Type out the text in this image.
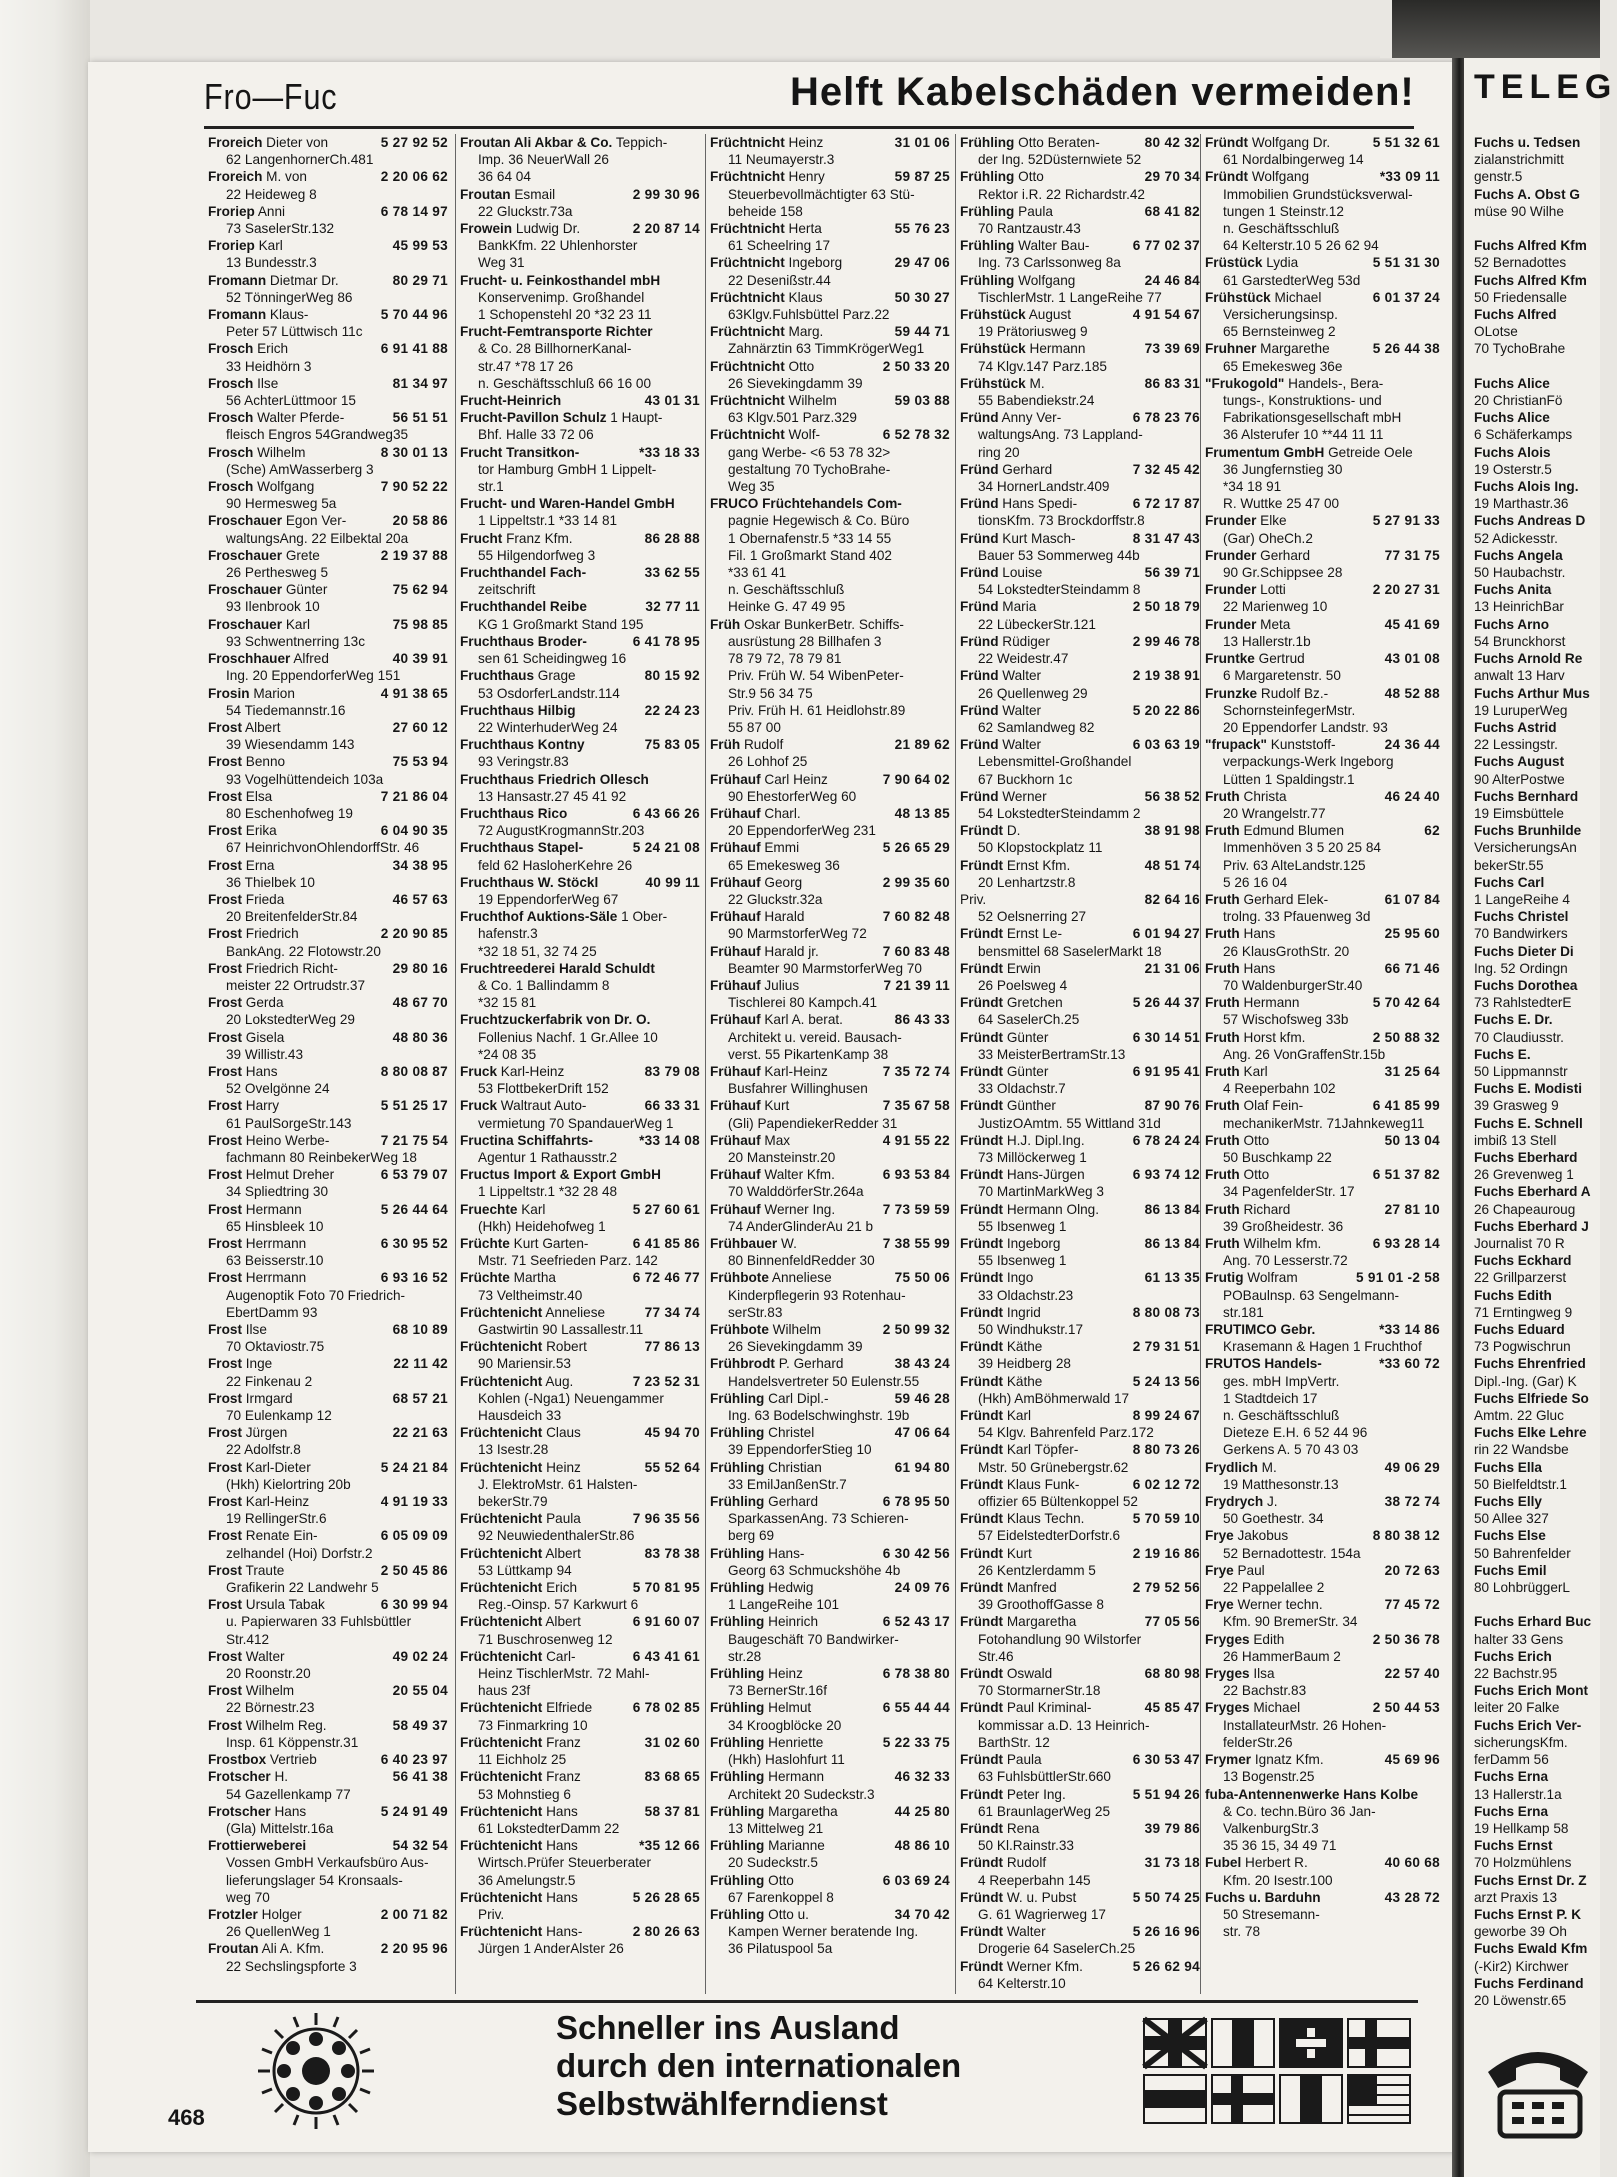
TELEG
Fuchs u. Tedsen
zialanstrichmitt
genstr.5
Fuchs A. Obst G
müse 90 Wilhe

Fuchs Alfred Kfm
52 Bernadottes
Fuchs Alfred Kfm
50 Friedensalle
Fuchs Alfred
OLotse
70 TychoBrahe

Fuchs Alice
20 ChristianFö
Fuchs Alice
6 Schäferkamps
Fuchs Alois
19 Osterstr.5
Fuchs Alois Ing.
19 Marthastr.36
Fuchs Andreas D
52 Adickesstr.
Fuchs Angela
50 Haubachstr.
Fuchs Anita
13 HeinrichBar
Fuchs Arno
54 Brunckhorst
Fuchs Arnold Re
anwalt 13 Harv
Fuchs Arthur Mus
19 LuruperWeg
Fuchs Astrid
22 Lessingstr.
Fuchs August
90 AlterPostwe
Fuchs Bernhard
19 Eimsbüttele
Fuchs Brunhilde
VersicherungsAn
bekerStr.55
Fuchs Carl
1 LangeReihe 4
Fuchs Christel
70 Bandwirkers
Fuchs Dieter Di
Ing. 52 Ordingn
Fuchs Dorothea
73 RahlstedterE
Fuchs E. Dr.
70 Claudiusstr.
Fuchs E.
50 Lippmannstr
Fuchs E. Modisti
39 Grasweg 9
Fuchs E. Schnell
imbiß 13 Stell
Fuchs Eberhard
26 Grevenweg 1
Fuchs Eberhard A
26 Chapeauroug
Fuchs Eberhard J
Journalist 70 R
Fuchs Eckhard
22 Grillparzerst
Fuchs Edith
71 Erntingweg 9
Fuchs Eduard
73 Pogwischrun
Fuchs Ehrenfried
Dipl.-Ing. (Gar) K
Fuchs Elfriede So
Amtm. 22 Gluc
Fuchs Elke Lehre
rin 22 Wandsbe
Fuchs Ella
50 Bielfeldtstr.1
Fuchs Elly
50 Allee 327
Fuchs Else
50 Bahrenfelder
Fuchs Emil
80 LohbrüggerL

Fuchs Erhard Buc
halter 33 Gens
Fuchs Erich
22 Bachstr.95
Fuchs Erich Mont
leiter 20 Falke
Fuchs Erich Ver-
sicherungsKfm.
ferDamm 56
Fuchs Erna
13 Hallerstr.1a
Fuchs Erna
19 Hellkamp 58
Fuchs Ernst
70 Holzmühlens
Fuchs Ernst Dr. Z
arzt Praxis 13
Fuchs Ernst P. K
geworbe 39 Oh
Fuchs Ewald Kfm
(-Kir2) Kirchwer
Fuchs Ferdinand
20 Löwenstr.65
Fro—Fuc	Helft Kabelschäden vermeiden!
Froreich Dieter von	5 27 92 52
62 LangenhornerCh.481
Froreich M. von	2 20 06 62
22 Heideweg 8
Froriep Anni	6 78 14 97
73 SaselerStr.132
Froriep Karl	45 99 53
13 Bundesstr.3
Fromann Dietmar Dr.	80 29 71
52 TönningerWeg 86
Fromann Klaus-	5 70 44 96
Peter 57 Lüttwisch 11c
Frosch Erich	6 91 41 88
33 Heidhörn 3
Frosch Ilse	81 34 97
56 AchterLüttmoor 15
Frosch Walter Pferde-	56 51 51
fleisch Engros 54Grandweg35
Frosch Wilhelm	8 30 01 13
(Sche) AmWasserberg 3
Frosch Wolfgang	7 90 52 22
90 Hermesweg 5a
Froschauer Egon Ver-	20 58 86
waltungsAng. 22 Eilbektal 20a
Froschauer Grete	2 19 37 88
26 Perthesweg 5
Froschauer Günter	75 62 94
93 Ilenbrook 10
Froschauer Karl	75 98 85
93 Schwentnerring 13c
Froschhauer Alfred	40 39 91
Ing. 20 EppendorferWeg 151
Frosin Marion	4 91 38 65
54 Tiedemannstr.16
Frost Albert	27 60 12
39 Wiesendamm 143
Frost Benno	75 53 94
93 Vogelhüttendeich 103a
Frost Elsa	7 21 86 04
80 Eschenhofweg 19
Frost Erika	6 04 90 35
67 HeinrichvonOhlendorffStr. 46
Frost Erna	34 38 95
36 Thielbek 10
Frost Frieda	46 57 63
20 BreitenfelderStr.84
Frost Friedrich	2 20 90 85
BankAng. 22 Flotowstr.20
Frost Friedrich Richt-	29 80 16
meister 22 Ortrudstr.37
Frost Gerda	48 67 70
20 LokstedterWeg 29
Frost Gisela	48 80 36
39 Willistr.43
Frost Hans	8 80 08 87
52 Ovelgönne 24
Frost Harry	5 51 25 17
61 PaulSorgeStr.143
Frost Heino Werbe-	7 21 75 54
fachmann 80 ReinbekerWeg 18
Frost Helmut Dreher	6 53 79 07
34 Spliedtring 30
Frost Hermann	5 26 44 64
65 Hinsbleek 10
Frost Herrmann	6 30 95 52
63 Beisserstr.10
Frost Herrmann	6 93 16 52
Augenoptik Foto 70 Friedrich-
EbertDamm 93
Frost Ilse	68 10 89
70 Oktaviostr.75
Frost Inge	22 11 42
22 Finkenau 2
Frost Irmgard	68 57 21
70 Eulenkamp 12
Frost Jürgen	22 21 63
22 Adolfstr.8
Frost Karl-Dieter	5 24 21 84
(Hkh) Kielortring 20b
Frost Karl-Heinz	4 91 19 33
19 RellingerStr.6
Frost Renate Ein-	6 05 09 09
zelhandel (Hoi) Dorfstr.2
Frost Traute	2 50 45 86
Grafikerin 22 Landwehr 5
Frost Ursula Tabak	6 30 99 94
u. Papierwaren 33 Fuhlsbüttler
Str.412
Frost Walter	49 02 24
20 Roonstr.20
Frost Wilhelm	20 55 04
22 Börnestr.23
Frost Wilhelm Reg.	58 49 37
Insp. 61 Köppenstr.31
Frostbox Vertrieb	6 40 23 97
Frotscher H.	56 41 38
54 Gazellenkamp 77
Frotscher Hans	5 24 91 49
(Gla) Mittelstr.16a
Frottierweberei	54 32 54
Vossen GmbH Verkaufsbüro Aus-
lieferungslager 54 Kronsaals-
weg 70
Frotzler Holger	2 00 71 82
26 QuellenWeg 1
Froutan Ali A. Kfm.	2 20 95 96
22 Sechslingspforte 3
Froutan Ali Akbar & Co. Teppich-
Imp. 36 NeuerWall 26
36 64 04
Froutan Esmail	2 99 30 96
22 Gluckstr.73a
Frowein Ludwig Dr.	2 20 87 14
BankKfm. 22 Uhlenhorster
Weg 31
Frucht- u. Feinkosthandel mbH
Konservenimp. Großhandel
1 Schopenstehl 20 *32 23 11
Frucht-Femtransporte Richter
& Co. 28 BillhornerKanal-
str.47 *78 17 26
n. Geschäftsschluß 66 16 00
Frucht-Heinrich	43 01 31
Frucht-Pavillon Schulz 1 Haupt-
Bhf. Halle 33 72 06
Frucht Transitkon-	*33 18 33
tor Hamburg GmbH 1 Lippelt-
str.1
Frucht- und Waren-Handel GmbH
1 Lippeltstr.1 *33 14 81
Frucht Franz Kfm.	86 28 88
55 Hilgendorfweg 3
Fruchthandel Fach-	33 62 55
zeitschrift
Fruchthandel Reibe	32 77 11
KG 1 Großmarkt Stand 195
Fruchthaus Broder-	6 41 78 95
sen 61 Scheidingweg 16
Fruchthaus Grage	80 15 92
53 OsdorferLandstr.114
Fruchthaus Hilbig	22 24 23
22 WinterhuderWeg 24
Fruchthaus Kontny	75 83 05
93 Veringstr.83
Fruchthaus Friedrich Ollesch
13 Hansastr.27 45 41 92
Fruchthaus Rico	6 43 66 26
72 AugustKrogmannStr.203
Fruchthaus Stapel-	5 24 21 08
feld 62 HasloherKehre 26
Fruchthaus W. Stöckl	40 99 11
19 EppendorferWeg 67
Fruchthof Auktions-Säle 1 Ober-
hafenstr.3
*32 18 51, 32 74 25
Fruchtreederei Harald Schuldt
& Co. 1 Ballindamm 8
*32 15 81
Fruchtzuckerfabrik von Dr. O.
Follenius Nachf. 1 Gr.Allee 10
*24 08 35
Fruck Karl-Heinz	83 79 08
53 FlottbekerDrift 152
Fruck Waltraut Auto-	66 33 31
vermietung 70 SpandauerWeg 1
Fructina Schiffahrts-	*33 14 08
Agentur 1 Rathausstr.2
Fructus Import & Export GmbH
1 Lippeltstr.1 *32 28 48
Fruechte Karl	5 27 60 61
(Hkh) Heidehofweg 1
Früchte Kurt Garten-	6 41 85 86
Mstr. 71 Seefrieden Parz. 142
Früchte Martha	6 72 46 77
73 Veltheimstr.40
Früchtenicht Anneliese	77 34 74
Gastwirtin 90 Lassallestr.11
Früchtenicht Robert	77 86 13
90 Mariensir.53
Früchtenicht Aug.	7 23 52 31
Kohlen (-Nga1) Neuengammer
Hausdeich 33
Früchtenicht Claus	45 94 70
13 Isestr.28
Früchtenicht Heinz	55 52 64
J. ElektroMstr. 61 Halsten-
bekerStr.79
Früchtenicht Paula	7 96 35 56
92 NeuwiedenthalerStr.86
Früchtenicht Albert	83 78 38
53 Lüttkamp 94
Früchtenicht Erich	5 70 81 95
Reg.-Oinsp. 57 Karkwurt 6
Früchtenicht Albert	6 91 60 07
71 Buschrosenweg 12
Früchtenicht Carl-	6 43 41 61
Heinz TischlerMstr. 72 Mahl-
haus 23f
Früchtenicht Elfriede	6 78 02 85
73 Finmarkring 10
Früchtenicht Franz	31 02 60
11 Eichholz 25
Früchtenicht Franz	83 68 65
53 Mohnstieg 6
Früchtenicht Hans	58 37 81
61 LokstedterDamm 22
Früchtenicht Hans	*35 12 66
Wirtsch.Prüfer Steuerberater
36 Amelungstr.5
Früchtenicht Hans	5 26 28 65
Priv.
Früchtenicht Hans-	2 80 26 63
Jürgen 1 AnderAlster 26
Früchtnicht Heinz	31 01 06
11 Neumayerstr.3
Früchtnicht Henry	59 87 25
Steuerbevollmächtigter 63 Stü-
beheide 158
Früchtnicht Herta	55 76 23
61 Scheelring 17
Früchtnicht Ingeborg	29 47 06
22 Desenißstr.44
Früchtnicht Klaus	50 30 27
63Klgv.Fuhlsbüttel Parz.22
Früchtnicht Marg.	59 44 71
Zahnärztin 63 TimmKrögerWeg1
Früchtnicht Otto	2 50 33 20
26 Sievekingdamm 39
Früchtnicht Wilhelm	59 03 88
63 Klgv.501 Parz.329
Früchtnicht Wolf-	6 52 78 32
gang Werbe- <6 53 78 32>
gestaltung 70 TychoBrahe-
Weg 35
FRUCO Früchtehandels Com-
pagnie Hegewisch & Co. Büro
1 Obernafenstr.5 *33 14 55
Fil. 1 Großmarkt Stand 402
*33 61 41
n. Geschäftsschluß
Heinke G. 47 49 95
Früh Oskar BunkerBetr. Schiffs-
ausrüstung 28 Billhafen 3
78 79 72, 78 79 81
Priv. Früh W. 54 WibenPeter-
Str.9 56 34 75
Priv. Früh H. 61 Heidlohstr.89
55 87 00
Früh Rudolf	21 89 62
26 Lohhof 25
Frühauf Carl Heinz	7 90 64 02
90 EhestorferWeg 60
Frühauf Charl.	48 13 85
20 EppendorferWeg 231
Frühauf Emmi	5 26 65 29
65 Emekesweg 36
Frühauf Georg	2 99 35 60
22 Gluckstr.32a
Frühauf Harald	7 60 82 48
90 MarmstorferWeg 72
Frühauf Harald jr.	7 60 83 48
Beamter 90 MarmstorferWeg 70
Frühauf Julius	7 21 39 11
Tischlerei 80 Kampch.41
Frühauf Karl A. berat.	86 43 33
Architekt u. vereid. Bausach-
verst. 55 PikartenKamp 38
Frühauf Karl-Heinz	7 35 72 74
Busfahrer Willinghusen
Frühauf Kurt	7 35 67 58
(Gli) PapendiekerRedder 31
Frühauf Max	4 91 55 22
20 Mansteinstr.20
Frühauf Walter Kfm.	6 93 53 84
70 WalddörferStr.264a
Frühauf Werner Ing.	7 73 59 59
74 AnderGlinderAu 21 b
Frühbauer W.	7 38 55 99
80 BinnenfeldRedder 30
Frühbote Anneliese	75 50 06
Kinderpflegerin 93 Rotenhau-
serStr.83
Frühbote Wilhelm	2 50 99 32
26 Sievekingdamm 39
Frühbrodt P. Gerhard	38 43 24
Handelsvertreter 50 Eulenstr.55
Frühling Carl Dipl.-	59 46 28
Ing. 63 Bodelschwinghstr. 19b
Frühling Christel	47 06 64
39 EppendorferStieg 10
Frühling Christian	61 94 80
33 EmilJanßenStr.7
Frühling Gerhard	6 78 95 50
SparkassenAng. 73 Schieren-
berg 69
Frühling Hans-	6 30 42 56
Georg 63 Schmuckshöhe 4b
Frühling Hedwig	24 09 76
1 LangeReihe 101
Frühling Heinrich	6 52 43 17
Baugeschäft 70 Bandwirker-
str.28
Frühling Heinz	6 78 38 80
73 BernerStr.16f
Frühling Helmut	6 55 44 44
34 Kroogblöcke 20
Frühling Henriette	5 22 33 75
(Hkh) Haslohfurt 11
Frühling Hermann	46 32 33
Architekt 20 Sudeckstr.3
Frühling Margaretha	44 25 80
13 Mittelweg 21
Frühling Marianne	48 86 10
20 Sudeckstr.5
Frühling Otto	6 03 69 24
67 Farenkoppel 8
Frühling Otto u.	34 70 42
Kampen Werner beratende Ing.
36 Pilatuspool 5a
Frühling Otto Beraten-	80 42 32
der Ing. 52Düsternwiete 52
Frühling Otto	29 70 34
Rektor i.R. 22 Richardstr.42
Frühling Paula	68 41 82
70 Rantzaustr.43
Frühling Walter Bau-	6 77 02 37
Ing. 73 Carlssonweg 8a
Frühling Wolfgang	24 46 84
TischlerMstr. 1 LangeReihe 77
Frühstück August	4 91 54 67
19 Prätoriusweg 9
Frühstück Hermann	73 39 69
74 Klgv.147 Parz.185
Frühstück M.	86 83 31
55 Babendiekstr.24
Fründ Anny Ver-	6 78 23 76
waltungsAng. 73 Lappland-
ring 20
Fründ Gerhard	7 32 45 42
34 HornerLandstr.409
Fründ Hans Spedi-	6 72 17 87
tionsKfm. 73 Brockdorffstr.8
Fründ Kurt Masch-	8 31 47 43
Bauer 53 Sommerweg 44b
Fründ Louise	56 39 71
54 LokstedterSteindamm 8
Fründ Maria	2 50 18 79
22 LübeckerStr.121
Fründ Rüdiger	2 99 46 78
22 Weidestr.47
Fründ Walter	2 19 38 91
26 Quellenweg 29
Fründ Walter	5 20 22 86
62 Samlandweg 82
Fründ Walter	6 03 63 19
Lebensmittel-Großhandel
67 Buckhorn 1c
Fründ Werner	56 38 52
54 LokstedterSteindamm 2
Fründt D.	38 91 98
50 Klopstockplatz 11
Fründt Ernst Kfm.	48 51 74
20 Lenhartzstr.8
Priv.	82 64 16
52 Oelsnerring 27
Fründt Ernst Le-	6 01 94 27
bensmittel 68 SaselerMarkt 18
Fründt Erwin	21 31 06
26 Poelsweg 4
Fründt Gretchen	5 26 44 37
64 SaselerCh.25
Fründt Günter	6 30 14 51
33 MeisterBertramStr.13
Fründt Günter	6 91 95 41
33 Oldachstr.7
Fründt Günther	87 90 76
JustizOAmtm. 55 Wittland 31d
Fründt H.J. Dipl.Ing.	6 78 24 24
73 Millöckerweg 1
Fründt Hans-Jürgen	6 93 74 12
70 MartinMarkWeg 3
Fründt Hermann Olng.	86 13 84
55 Ibsenweg 1
Fründt Ingeborg	86 13 84
55 Ibsenweg 1
Fründt Ingo	61 13 35
33 Oldachstr.23
Fründt Ingrid	8 80 08 73
50 Windhukstr.17
Fründt Käthe	2 79 31 51
39 Heidberg 28
Fründt Käthe	5 24 13 56
(Hkh) AmBöhmerwald 17
Fründt Karl	8 99 24 67
54 Klgv. Bahrenfeld Parz.172
Fründt Karl Töpfer-	8 80 73 26
Mstr. 50 Grünebergstr.62
Fründt Klaus Funk-	6 02 12 72
offizier 65 Bültenkoppel 52
Fründt Klaus Techn.	5 70 59 10
57 EidelstedterDorfstr.6
Fründt Kurt	2 19 16 86
26 Kentzlerdamm 5
Fründt Manfred	2 79 52 56
39 GroothoffGasse 8
Fründt Margaretha	77 05 56
Fotohandlung 90 Wilstorfer
Str.46
Fründt Oswald	68 80 98
70 StormarnerStr.18
Fründt Paul Kriminal-	45 85 47
kommissar a.D. 13 Heinrich-
BarthStr. 12
Fründt Paula	6 30 53 47
63 FuhlsbüttlerStr.660
Fründt Peter Ing.	5 51 94 26
61 BraunlagerWeg 25
Fründt Rena	39 79 86
50 Kl.Rainstr.33
Fründt Rudolf	31 73 18
4 Reeperbahn 145
Fründt W. u. Pubst	5 50 74 25
G. 61 Wagrierweg 17
Fründt Walter	5 26 16 96
Drogerie 64 SaselerCh.25
Fründt Werner Kfm.	5 26 62 94
64 Kelterstr.10
Fründt Wolfgang Dr.	5 51 32 61
61 Nordalbingerweg 14
Fründt Wolfgang	*33 09 11
Immobilien Grundstücksverwal-
tungen 1 Steinstr.12
n. Geschäftsschluß
64 Kelterstr.10 5 26 62 94
Früstück Lydia	5 51 31 30
61 GarstedterWeg 53d
Frühstück Michael	6 01 37 24
Versicherungsinsp.
65 Bernsteinweg 2
Fruhner Margarethe	5 26 44 38
65 Emekesweg 36e
"Frukogold" Handels-, Bera-
tungs-, Konstruktions- und
Fabrikationsgesellschaft mbH
36 Alsterufer 10 **44 11 11
Frumentum GmbH Getreide Oele
36 Jungfernstieg 30
*34 18 91
R. Wuttke 25 47 00
Frunder Elke	5 27 91 33
(Gar) OheCh.2
Frunder Gerhard	77 31 75
90 Gr.Schippsee 28
Frunder Lotti	2 20 27 31
22 Marienweg 10
Frunder Meta	45 41 69
13 Hallerstr.1b
Fruntke Gertrud	43 01 08
6 Margaretenstr. 50
Frunzke Rudolf Bz.-	48 52 88
SchornsteinfegerMstr.
20 Eppendorfer Landstr. 93
"frupack" Kunststoff-	24 36 44
verpackungs-Werk Ingeborg
Lütten 1 Spaldingstr.1
Fruth Christa	46 24 40
20 Wrangelstr.77
Fruth Edmund Blumen	62
Immenhöven 3 5 20 25 84
Priv. 63 AlteLandstr.125
5 26 16 04
Fruth Gerhard Elek-	61 07 84
trolng. 33 Pfauenweg 3d
Fruth Hans	25 95 60
26 KlausGrothStr. 20
Fruth Hans	66 71 46
70 WaldenburgerStr.40
Fruth Hermann	5 70 42 64
57 Wischofsweg 33b
Fruth Horst kfm.	2 50 88 32
Ang. 26 VonGraffenStr.15b
Fruth Karl	31 25 64
4 Reeperbahn 102
Fruth Olaf Fein-	6 41 85 99
mechanikerMstr. 71Jahnkeweg11
Fruth Otto	50 13 04
50 Buschkamp 22
Fruth Otto	6 51 37 82
34 PagenfelderStr. 17
Fruth Richard	27 81 10
39 Großheidestr. 36
Fruth Wilhelm kfm.	6 93 28 14
Ang. 70 Lesserstr.72
Frutig Wolfram	5 91 01 -2 58
POBaulnsp. 63 Sengelmann-
str.181
FRUTIMCO Gebr.	*33 14 86
Krasemann & Hagen 1 Fruchthof
FRUTOS Handels-	*33 60 72
ges. mbH ImpVertr.
1 Stadtdeich 17
n. Geschäftsschluß
Dieteze E.H. 6 52 44 96
Gerkens A. 5 70 43 03
Frydlich M.	49 06 29
19 Matthesonstr.13
Frydrych J.	38 72 74
50 Goethestr. 34
Frye Jakobus	8 80 38 12
52 Bernadottestr. 154a
Frye Paul	20 72 63
22 Pappelallee 2
Frye Werner techn.	77 45 72
Kfm. 90 BremerStr. 34
Fryges Edith	2 50 36 78
26 HammerBaum 2
Fryges Ilsa	22 57 40
22 Bachstr.83
Fryges Michael	2 50 44 53
InstallateurMstr. 26 Hohen-
felderStr.26
Frymer Ignatz Kfm.	45 69 96
13 Bogenstr.25
fuba-Antennenwerke Hans Kolbe
& Co. techn.Büro 36 Jan-
ValkenburgStr.3
35 36 15, 34 49 71
Fubel Herbert R.	40 60 68
Kfm. 20 Isestr.100
Fuchs u. Barduhn	43 28 72
50 Stresemann-
str. 78
Schneller ins Ausland
durch den internationalen
Selbstwählferndienst
468
